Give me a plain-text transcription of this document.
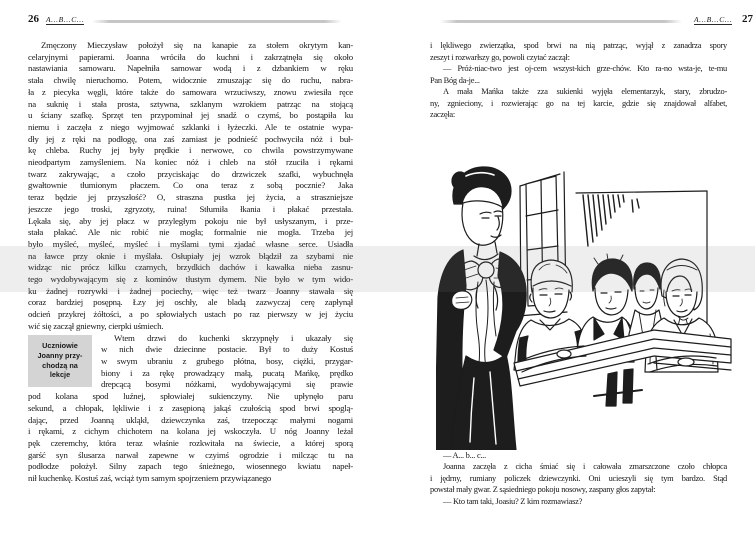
26 A...B...C...
Zmęczony Mieczysław położył się na kanapie za stołem okrytym kan-
celaryjnymi papierami. Joanna wróciła do kuchni i zakrzątnęła się około
nastawiania samowaru. Napełniła samowar wodą i z dzbankiem w ręku
stała chwilę nieruchomo. Potem, widocznie zmuszając się do ruchu, nabra-
ła z piecyka węgli, które także do samowara wrzuciwszy, znowu zwiesiła ręce
na suknię i stała prosta, sztywna, szklanym wzrokiem patrząc na stojącą
u ściany szafkę. Sprzęt ten przypominał jej snadź o czymś, bo postąpiła ku
niemu i zaczęła z niego wyjmować szklanki i łyżeczki. Ale te ostatnie wypa-
dły jej z ręki na podłogę, ona zaś zamiast je podnieść pochwyciła nóż i buł-
kę chleba. Ruchy jej były prędkie i nerwowe, co chwila powstrzymywane
nieodpartym zamyśleniem. Na koniec nóż i chleb na stół rzuciła i rękami
twarz zakrywając, a czoło przyciskając do drzwiczek szafki, wybuchnęła
gwałtownie tłumionym płaczem. Co ona teraz z sobą pocznie? Jaka
teraz będzie jej przyszłość? O, straszna pustka jej życia, a straszniejsze
jeszcze jego troski, zgryzoty, ruina! Stłumiła łkania i płakać przestała.
Lękała się, aby jej płacz w przyległym pokoju nie był usłyszanym, i prze-
stała płakać. Ale nic robić nie mogła; formalnie nie mogła. Trzeba jej
było myśleć, myśleć, myśleć i myślami tymi zjadać własne serce. Usiadła
na ławce przy oknie i myślała. Osłupiały jej wzrok błądził za szybami nie
widząc nic prócz kilku czarnych, brzydkich dachów i kawałka nieba zasnu-
tego wydobywającym się z kominów tłustym dymem. Nie było w tym wido-
ku żadnej rozrywki i żadnej pociechy, więc też twarz Joanny stawała się
coraz bardziej posępną. Łzy jej oschły, ale bladą zazwyczaj cerę zapłynął
odcień przykrej żółtości, a po spłowiałych ustach po raz pierwszy w jej życiu
wić się zaczął gniewny, cierpki uśmiech.
Uczniowie
Joanny przy-
chodzą na
lekcje
Wtem drzwi do kuchenki skrzypnęły i ukazały się
w nich dwie dziecinne postacie. Był to duży Kostuś
w swym ubraniu z grubego płótna, bosy, ciężki, przygar-
biony i za rękę prowadzący małą, pucatą Mańkę, prędko
drepcącą bosymi nóżkami, wydobywającymi się prawie
pod kolana spod luźnej, spłowiałej sukienczyny. Nie upłynęło paru
sekund, a chłopak, lękliwie i z zasępioną jakąś czułością spod brwi spoglą-
dając, przed Joanną ukląkł, dziewczynka zaś, trzepocząc małymi nogami
i rękami, z cichym chichotem na kolana jej wskoczyła. U nóg Joanny leżał
pęk czeremchy, która teraz właśnie rozkwitała na świecie, a której sporą
garść syn ślusarza narwał zapewne w czyimś ogrodzie i milcząc tu na
podłodze położył. Silny zapach tego śnieżnego, wiosennego kwiatu napeł-
nił kuchenkę. Kostuś zaś, wciąż tym samym spojrzeniem przywiązanego
A...B...C... 27
i lękliwego zwierzątka, spod brwi na nią patrząc, wyjął z zanadrza spory
zeszyt i rozwarłszy go, powoli czytać zaczął:
— Próż-niac-two jest oj-cem wszyst-kich grze-chów. Kto ra-no wsta-je, te-mu
Pan Bóg da-je...
A mała Mańka także zza sukienki wyjęła elementarzyk, stary, zbrudzo-
ny, zgnieciony, i rozwierając go na tej karcie, gdzie się znajdował alfabet,
zaczęła:
— A... b... c...
Joanna zaczęła z cicha śmiać się i całowała zmarszczone czoło chłopca
i jędrny, rumiany policzek dziewczynki. Oni ucieszyli się tym bardzo. Stąd
powstał mały gwar. Z sąsiedniego pokoju nosowy, zaspany głos zapytał:
— Kto tam taki, Joasiu? Z kim rozmawiasz?
